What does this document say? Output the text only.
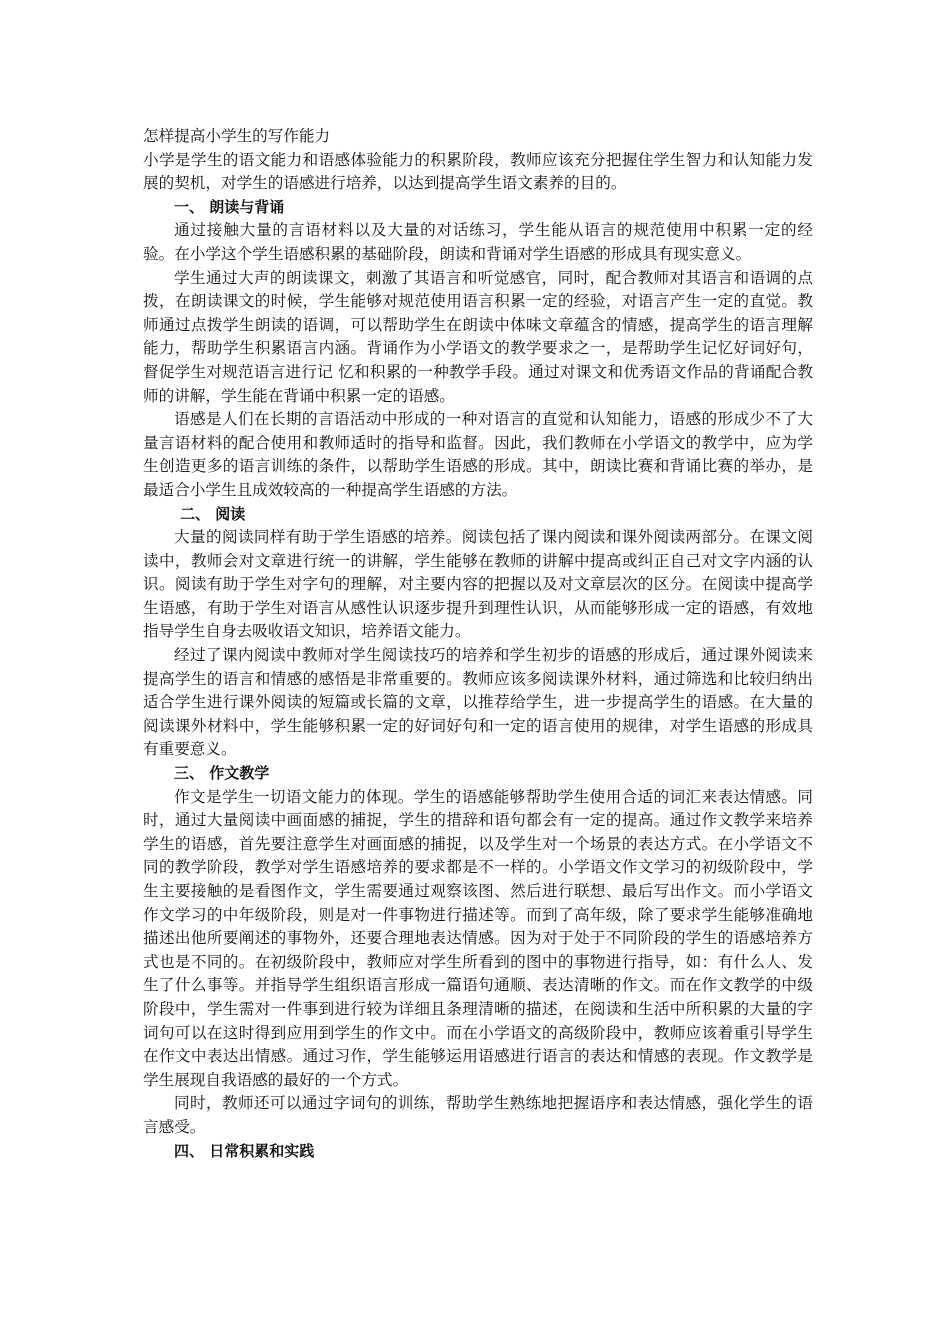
怎样提高小学生的写作能力

小学是学生的语文能力和语感体验能力的积累阶段，教师应该充分把握住学生智力和认知能力发展的契机，对学生的语感进行培养，以达到提高学生语文素养的目的。

一、 朗读与背诵

通过接触大量的言语材料以及大量的对话练习，学生能从语言的规范使用中积累一定的经验。在小学这个学生语感积累的基础阶段，朗读和背诵对学生语感的形成具有现实意义。

学生通过大声的朗读课文，刺激了其语言和听觉感官，同时，配合教师对其语言和语调的点拨，在朗读课文的时候，学生能够对规范使用语言积累一定的经验，对语言产生一定的直觉。教师通过点拨学生朗读的语调，可以帮助学生在朗读中体味文章蕴含的情感，提高学生的语言理解能力，帮助学生积累语言内涵。背诵作为小学语文的教学要求之一，是帮助学生记忆好词好句，督促学生对规范语言进行记 忆和积累的一种教学手段。通过对课文和优秀语文作品的背诵配合教师的讲解，学生能在背诵中积累一定的语感。

语感是人们在长期的言语活动中形成的一种对语言的直觉和认知能力，语感的形成少不了大量言语材料的配合使用和教师适时的指导和监督。因此，我们教师在小学语文的教学中，应为学生创造更多的语言训练的条件，以帮助学生语感的形成。其中，朗读比赛和背诵比赛的举办，是最适合小学生且成效较高的一种提高学生语感的方法。

二、 阅读

大量的阅读同样有助于学生语感的培养。阅读包括了课内阅读和课外阅读两部分。在课文阅读中，教师会对文章进行统一的讲解，学生能够在教师的讲解中提高或纠正自己对文字内涵的认识。阅读有助于学生对字句的理解，对主要内容的把握以及对文章层次的区分。在阅读中提高学生语感，有助于学生对语言从感性认识逐步提升到理性认识，从而能够形成一定的语感，有效地指导学生自身去吸收语文知识，培养语文能力。

经过了课内阅读中教师对学生阅读技巧的培养和学生初步的语感的形成后，通过课外阅读来提高学生的语言和情感的感悟是非常重要的。教师应该多阅读课外材料，通过筛选和比较归纳出适合学生进行课外阅读的短篇或长篇的文章，以推荐给学生，进一步提高学生的语感。在大量的阅读课外材料中，学生能够积累一定的好词好句和一定的语言使用的规律，对学生语感的形成具有重要意义。

三、 作文教学

作文是学生一切语文能力的体现。学生的语感能够帮助学生使用合适的词汇来表达情感。同时，通过大量阅读中画面感的捕捉，学生的措辞和语句都会有一定的提高。通过作文教学来培养学生的语感，首先要注意学生对画面感的捕捉，以及学生对一个场景的表达方式。在小学语文不同的教学阶段，教学对学生语感培养的要求都是不一样的。小学语文作文学习的初级阶段中，学生主要接触的是看图作文，学生需要通过观察该图、然后进行联想、最后写出作文。而小学语文作文学习的中年级阶段，则是对一件事物进行描述等。而到了高年级，除了要求学生能够准确地描述出他所要阐述的事物外，还要合理地表达情感。因为对于处于不同阶段的学生的语感培养方式也是不同的。在初级阶段中，教师应对学生所看到的图中的事物进行指导，如：有什么人、发生了什么事等。并指导学生组织语言形成一篇语句通顺、表达清晰的作文。而在作文教学的中级阶段中，学生需对一件事到进行较为详细且条理清晰的描述，在阅读和生活中所积累的大量的字词句可以在这时得到应用到学生的作文中。而在小学语文的高级阶段中，教师应该着重引导学生在作文中表达出情感。通过习作，学生能够运用语感进行语言的表达和情感的表现。作文教学是学生展现自我语感的最好的一个方式。

同时，教师还可以通过字词句的训练，帮助学生熟练地把握语序和表达情感，强化学生的语言感受。

四、 日常积累和实践
